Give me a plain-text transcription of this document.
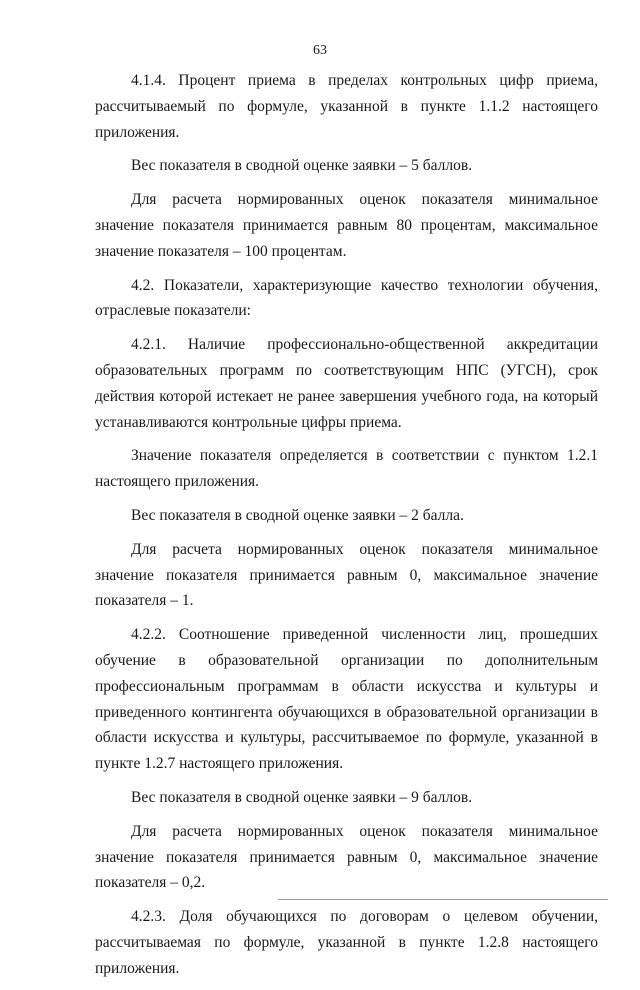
63

4.1.4. Процент приема в пределах контрольных цифр приема, рассчитываемый по формуле, указанной в пункте 1.1.2 настоящего приложения.

Вес показателя в сводной оценке заявки – 5 баллов.

Для расчета нормированных оценок показателя минимальное значение показателя принимается равным 80 процентам, максимальное значение показателя – 100 процентам.

4.2. Показатели, характеризующие качество технологии обучения, отраслевые показатели:

4.2.1. Наличие профессионально-общественной аккредитации образовательных программ по соответствующим НПС (УГСН), срок действия которой истекает не ранее завершения учебного года, на который устанавливаются контрольные цифры приема.

Значение показателя определяется в соответствии с пунктом 1.2.1 настоящего приложения.

Вес показателя в сводной оценке заявки – 2 балла.

Для расчета нормированных оценок показателя минимальное значение показателя принимается равным 0, максимальное значение показателя – 1.

4.2.2. Соотношение приведенной численности лиц, прошедших обучение в образовательной организации по дополнительным профессиональным программам в области искусства и культуры и приведенного контингента обучающихся в образовательной организации в области искусства и культуры, рассчитываемое по формуле, указанной в пункте 1.2.7 настоящего приложения.

Вес показателя в сводной оценке заявки – 9 баллов.

Для расчета нормированных оценок показателя минимальное значение показателя принимается равным 0, максимальное значение показателя – 0,2.

4.2.3. Доля обучающихся по договорам о целевом обучении, рассчитываемая по формуле, указанной в пункте 1.2.8 настоящего приложения.
